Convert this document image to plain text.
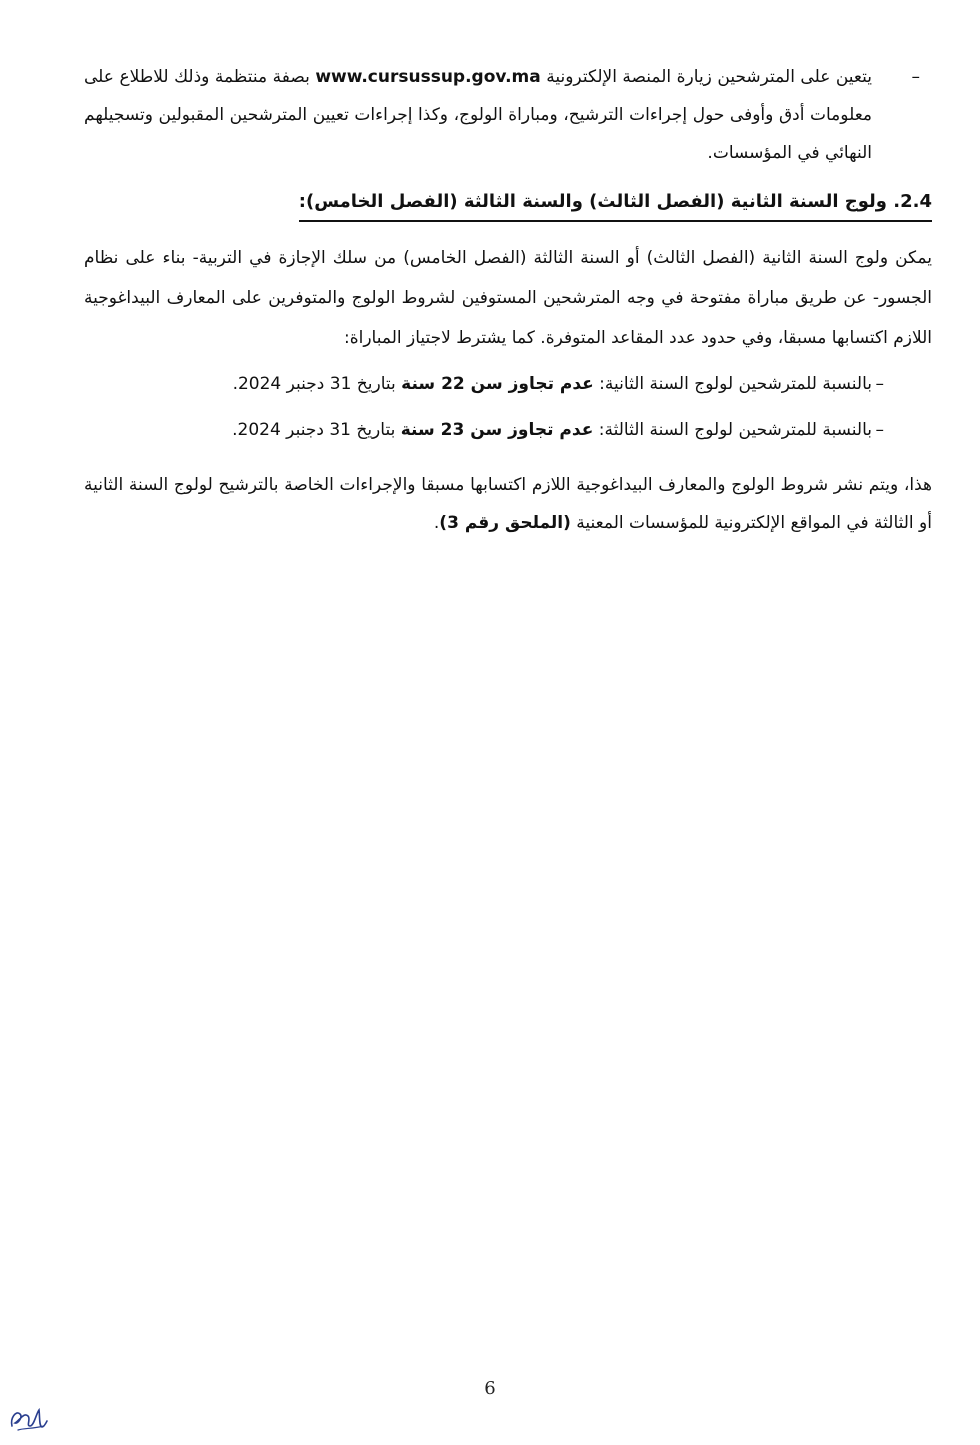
–
يتعين على المترشحين زيارة المنصة الإلكترونية www.cursussup.gov.ma بصفة منتظمة وذلك للاطلاع على معلومات أدق وأوفى حول إجراءات الترشيح، ومباراة الولوج، وكذا إجراءات تعيين المترشحين المقبولين وتسجيلهم النهائي في المؤسسات.
2.4. ولوج السنة الثانية (الفصل الثالث) والسنة الثالثة (الفصل الخامس):
يمكن ولوج السنة الثانية (الفصل الثالث) أو السنة الثالثة (الفصل الخامس) من سلك الإجازة في التربية- بناء على نظام الجسور- عن طريق مباراة مفتوحة في وجه المترشحين المستوفين لشروط الولوج والمتوفرين على المعارف البيداغوجية اللازم اكتسابها مسبقا، وفي حدود عدد المقاعد المتوفرة. كما يشترط لاجتياز المباراة:
–
بالنسبة للمترشحين لولوج السنة الثانية: عدم تجاوز سن 22 سنة بتاريخ 31 دجنبر 2024.
–
بالنسبة للمترشحين لولوج السنة الثالثة: عدم تجاوز سن 23 سنة بتاريخ 31 دجنبر 2024.
هذا، ويتم نشر شروط الولوج والمعارف البيداغوجية اللازم اكتسابها مسبقا والإجراءات الخاصة بالترشيح لولوج السنة الثانية أو الثالثة في المواقع الإلكترونية للمؤسسات المعنية (الملحق رقم 3).
6
